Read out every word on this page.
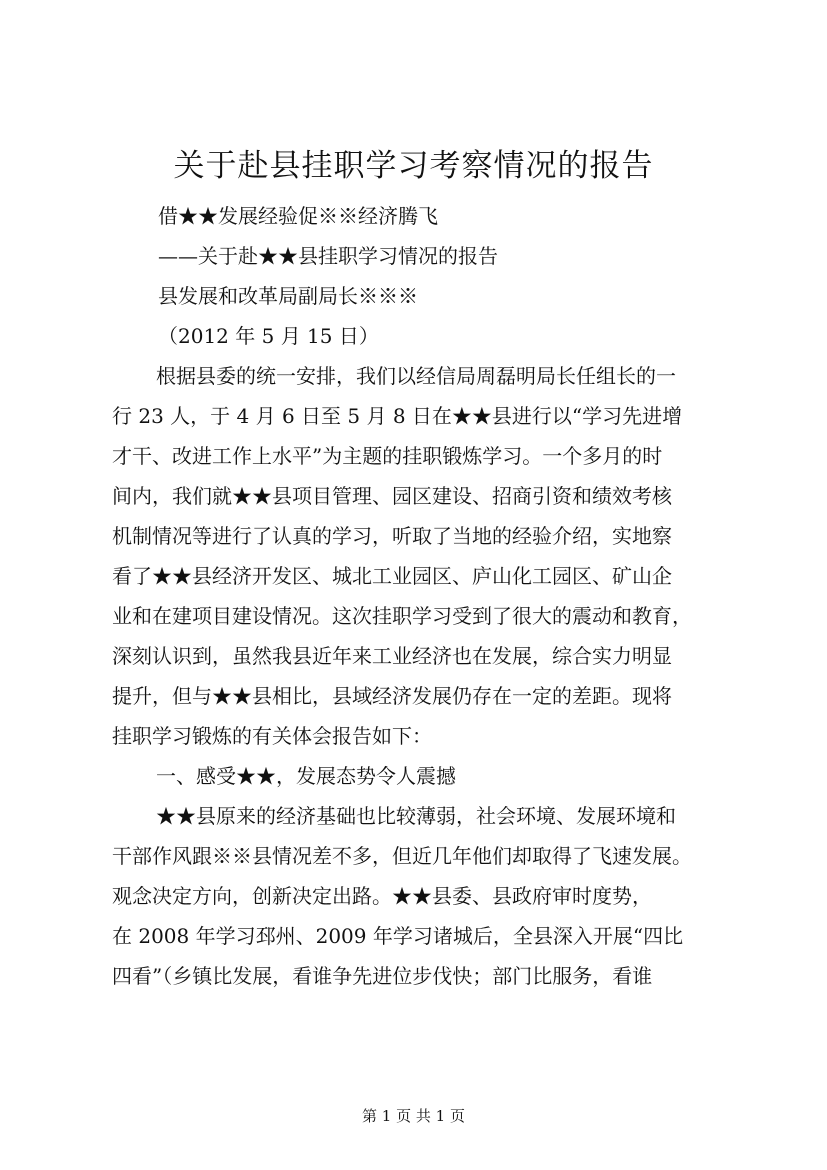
关于赴县挂职学习考察情况的报告
借★★发展经验促※※经济腾飞
——关于赴★★县挂职学习情况的报告
县发展和改革局副局长※※※
（2012 年 5 月 15 日）
根据县委的统一安排，我们以经信局周磊明局长任组长的一
行 23 人，于 4 月 6 日至 5 月 8 日在★★县进行以“学习先进增
才干、改进工作上水平”为主题的挂职锻炼学习。一个多月的时
间内，我们就★★县项目管理、园区建设、招商引资和绩效考核
机制情况等进行了认真的学习，听取了当地的经验介绍，实地察
看了★★县经济开发区、城北工业园区、庐山化工园区、矿山企
业和在建项目建设情况。这次挂职学习受到了很大的震动和教育，
深刻认识到，虽然我县近年来工业经济也在发展，综合实力明显
提升，但与★★县相比，县域经济发展仍存在一定的差距。现将
挂职学习锻炼的有关体会报告如下：
一、感受★★，发展态势令人震撼
★★县原来的经济基础也比较薄弱，社会环境、发展环境和
干部作风跟※※县情况差不多，但近几年他们却取得了飞速发展。
观念决定方向，创新决定出路。★★县委、县政府审时度势，
在 2008 年学习邳州、2009 年学习诸城后，全县深入开展“四比
四看”（乡镇比发展，看谁争先进位步伐快；部门比服务，看谁
第 1 页 共 1 页
